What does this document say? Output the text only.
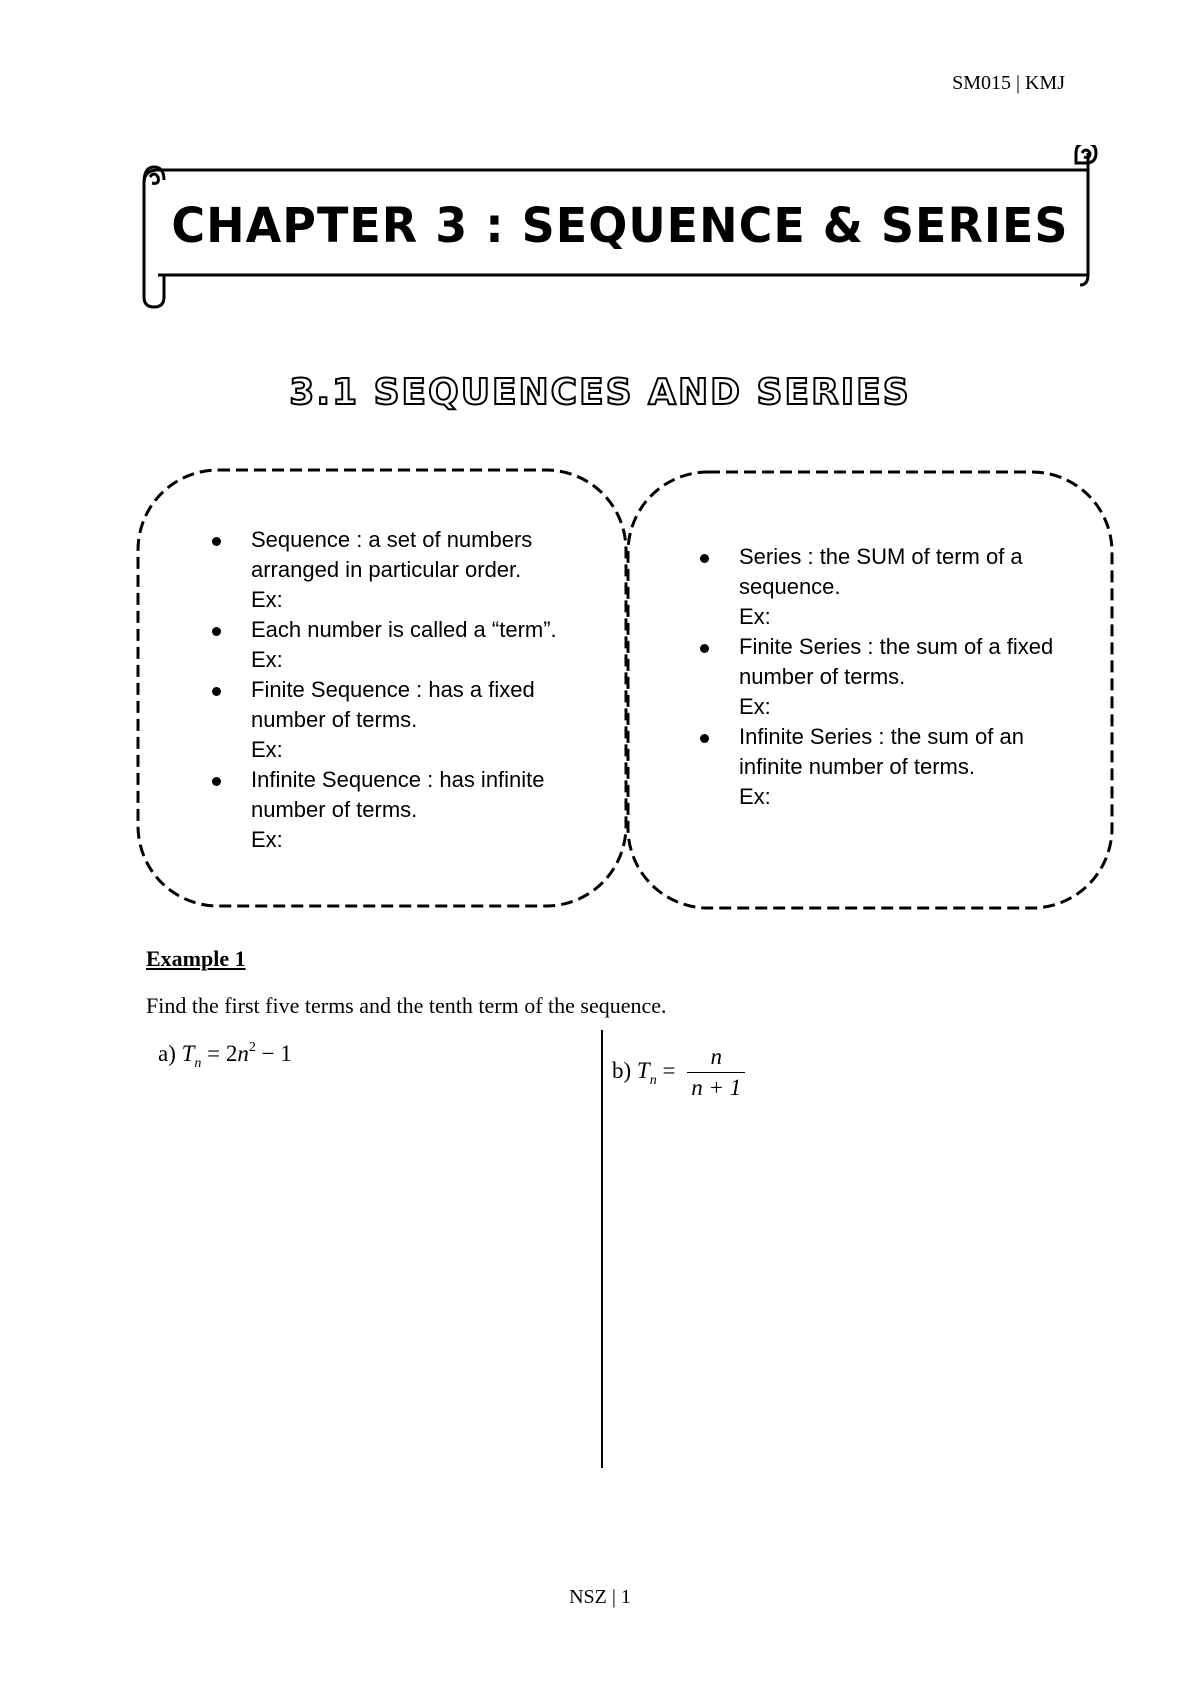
SM015 | KMJ
CHAPTER 3 : SEQUENCE & SERIES
3.1 SEQUENCES AND SERIES
Sequence : a set of numbers arranged in particular order.
Ex:
Each number is called a “term”.
Ex:
Finite Sequence : has a fixed number of terms.
Ex:
Infinite Sequence : has infinite number of terms.
Ex:
Series : the SUM of term of a sequence.
Ex:
Finite Series : the sum of a fixed number of terms.
Ex:
Infinite Series : the sum of an infinite number of terms.
Ex:
Example 1
Find the first five terms and the tenth term of the sequence.
a) $T_n = 2n^2 - 1$
b) $T_n = \frac{n}{n + 1}$
NSZ | 1
